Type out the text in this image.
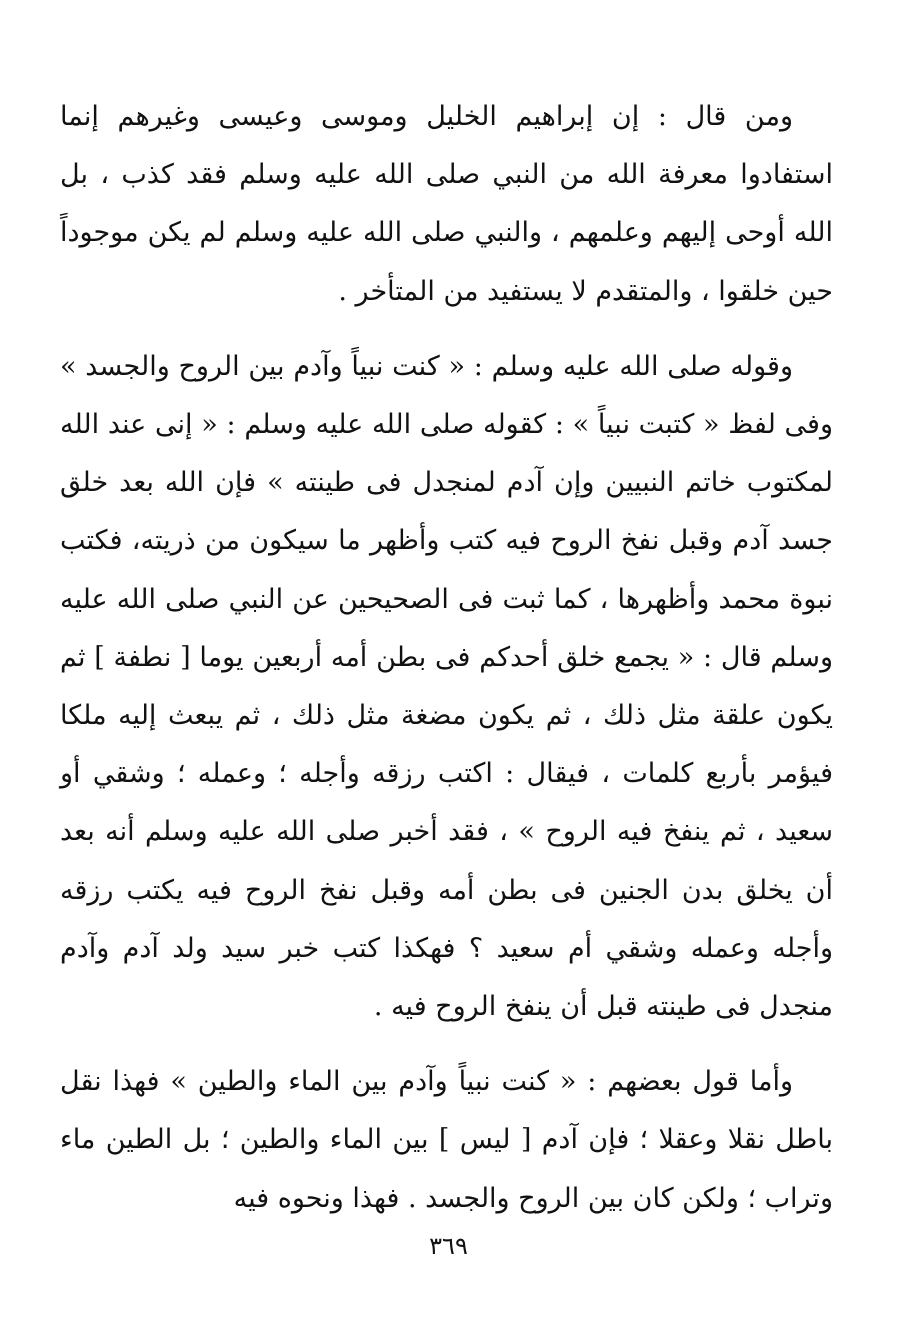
ومن قال : إن إبراهيم الخليل وموسى وعيسى وغيرهم إنما استفادوا معرفة الله من النبي صلى الله عليه وسلم فقد كذب ، بل الله أوحى إليهم وعلمهم ، والنبي صلى الله عليه وسلم لم يكن موجوداً حين خلقوا ، والمتقدم لا يستفيد من المتأخر .

وقوله صلى الله عليه وسلم : « كنت نبياً وآدم بين الروح والجسد » وفى لفظ « كتبت نبياً » : كقوله صلى الله عليه وسلم : « إنى عند الله لمكتوب خاتم النبيين وإن آدم لمنجدل فى طينته » فإن الله بعد خلق جسد آدم وقبل نفخ الروح فيه كتب وأظهر ما سيكون من ذريته، فكتب نبوة محمد وأظهرها ، كما ثبت فى الصحيحين عن النبي صلى الله عليه وسلم قال : « يجمع خلق أحدكم فى بطن أمه أربعين يوما [ نطفة ] ثم يكون علقة مثل ذلك ، ثم يكون مضغة مثل ذلك ، ثم يبعث إليه ملكا فيؤمر بأربع كلمات ، فيقال : اكتب رزقه وأجله ؛ وعمله ؛ وشقي أو سعيد ، ثم ينفخ فيه الروح » ، فقد أخبر صلى الله عليه وسلم أنه بعد أن يخلق بدن الجنين فى بطن أمه وقبل نفخ الروح فيه يكتب رزقه وأجله وعمله وشقي أم سعيد ؟ فهكذا كتب خبر سيد ولد آدم وآدم منجدل فى طينته قبل أن ينفخ الروح فيه .

وأما قول بعضهم : « كنت نبياً وآدم بين الماء والطين » فهذا نقل باطل نقلا وعقلا ؛ فإن آدم [ ليس ] بين الماء والطين ؛ بل الطين ماء وتراب ؛ ولكن كان بين الروح والجسد . فهذا ونحوه فيه

٣٦٩
